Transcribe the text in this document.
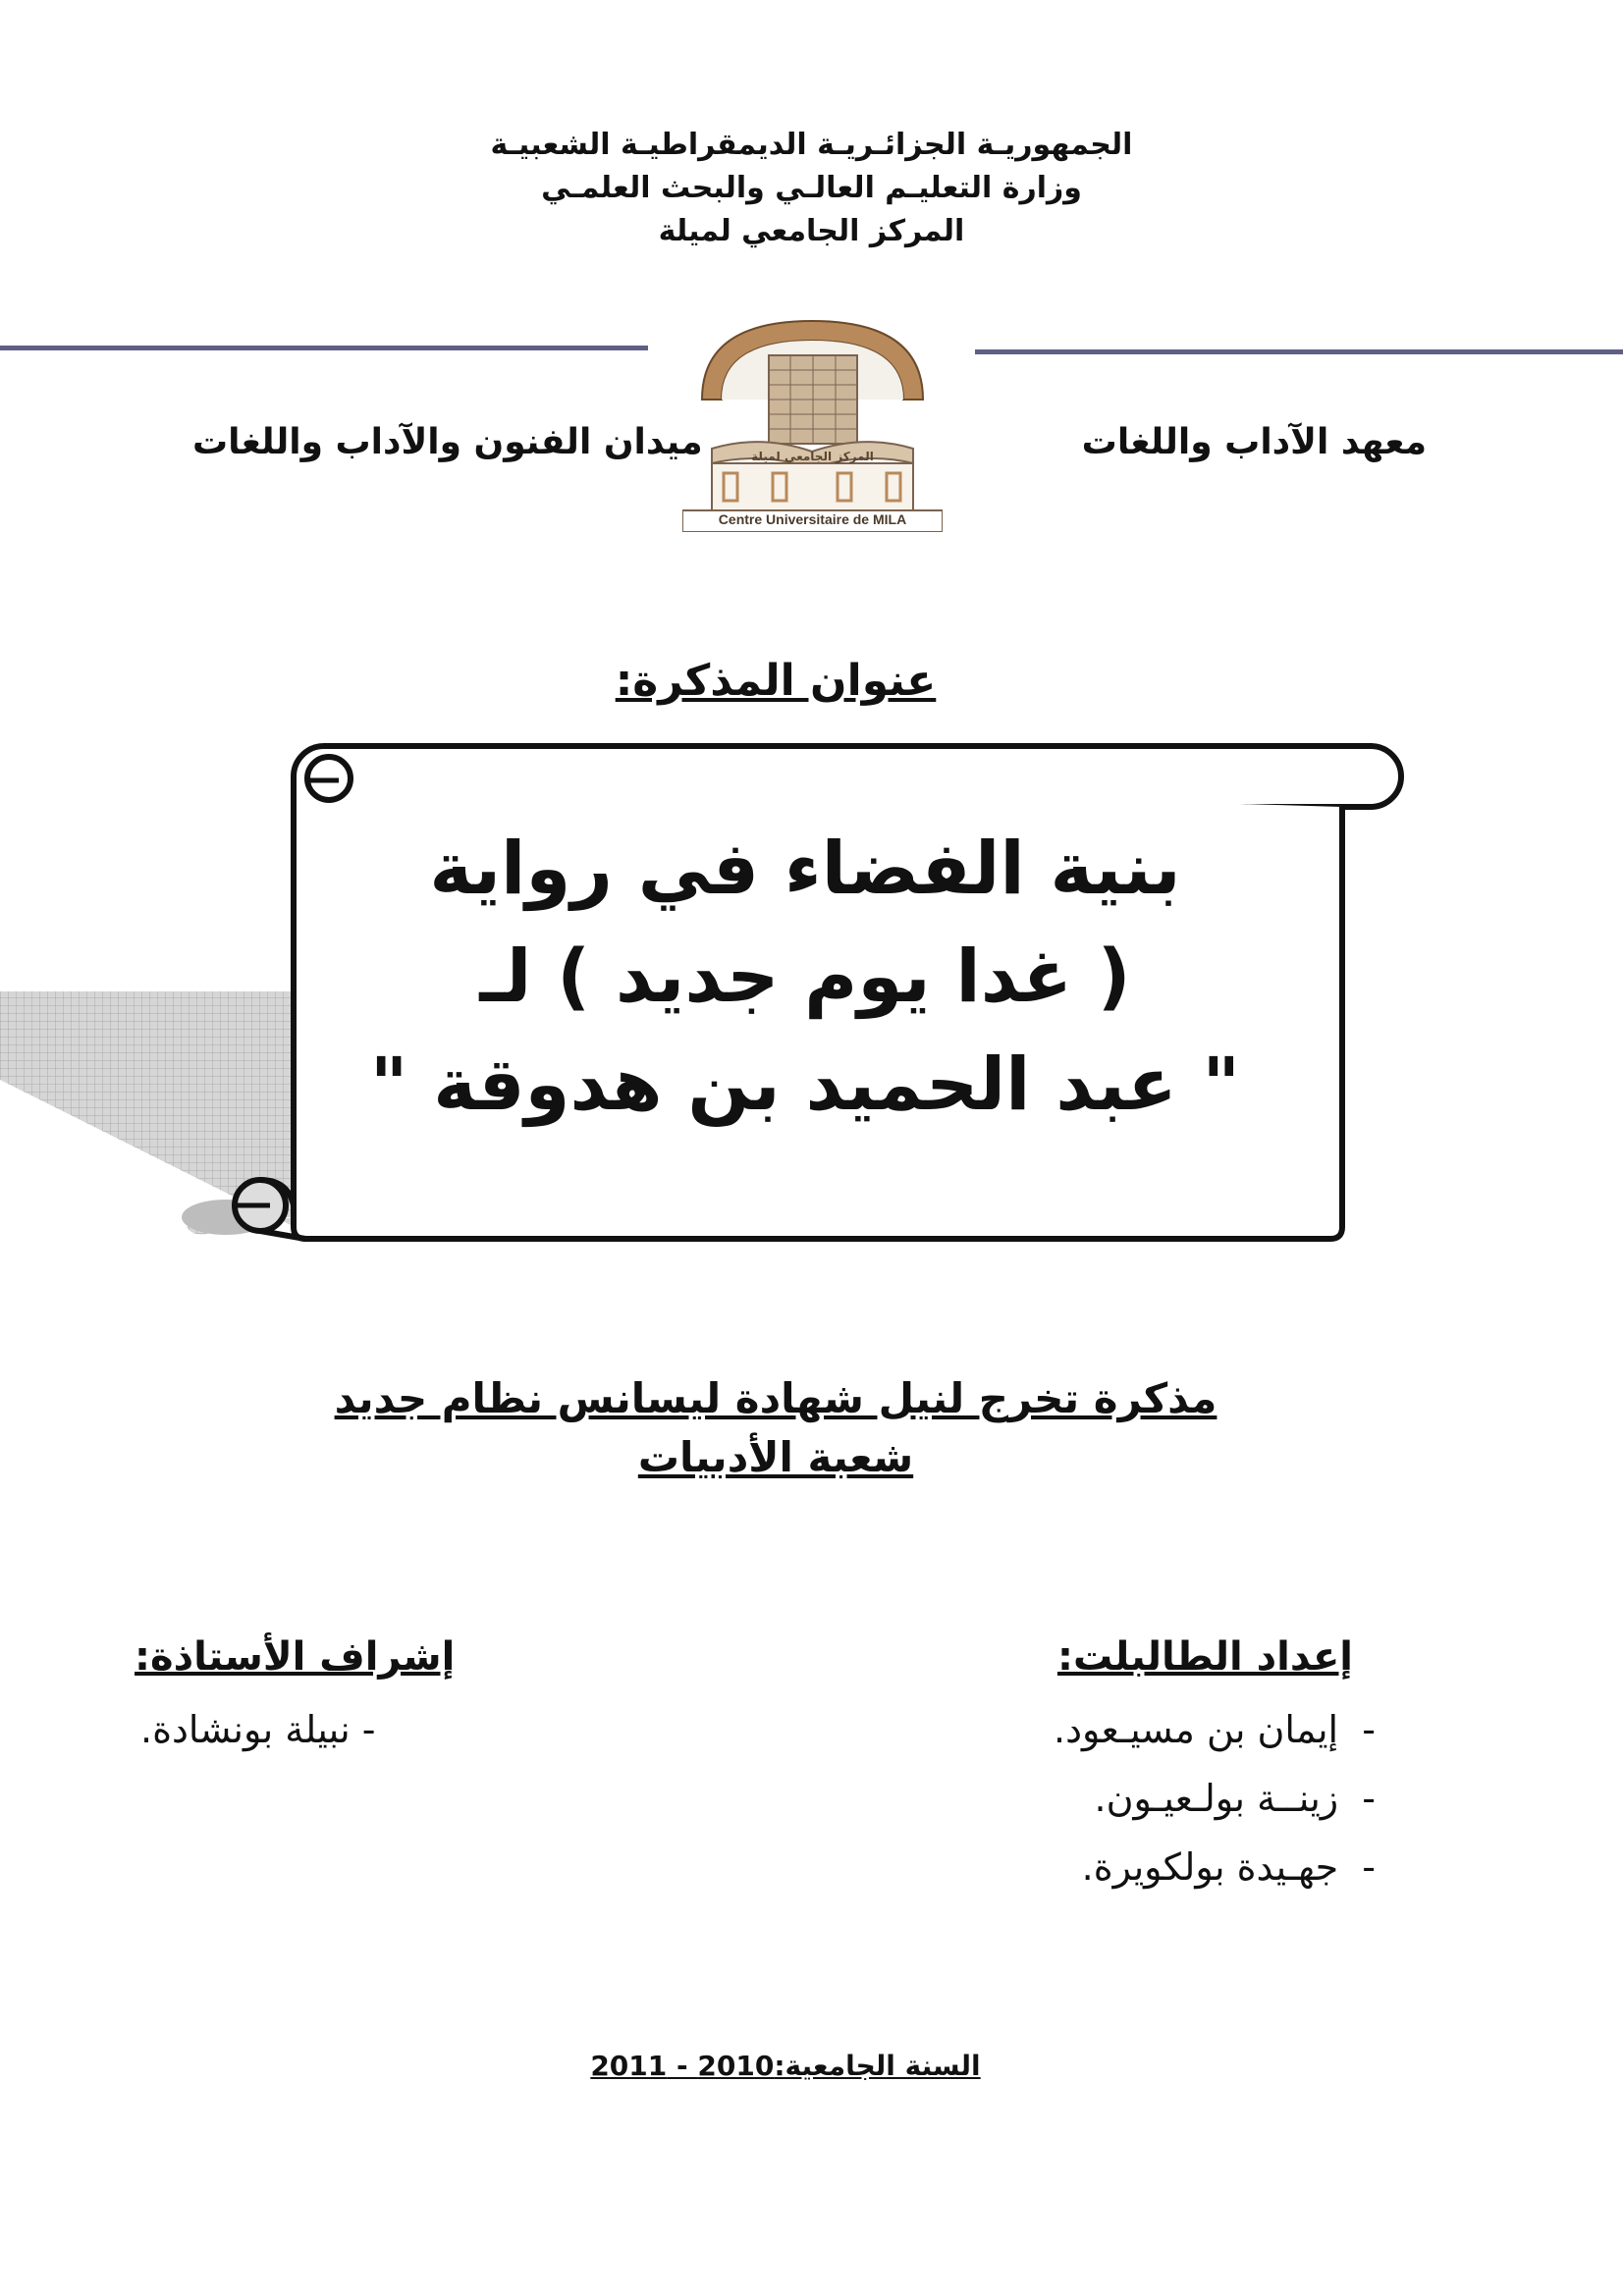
الجمهوريـة الجزائـريـة الديمقراطيـة الشعبيـة
وزارة التعليـم العالـي والبحث العلمـي
المركز الجامعي لميلة
Centre Universitaire de MILA
المركز الجامعي لميلة	معهد الآداب واللغات
ميدان الفنون والآداب واللغات
عنوان المذكرة:
بنية الفضاء في رواية
( غدا يوم جديد ) لـ
" عبد الحميد بن هدوقة "
مذكرة تخرج لنيل شهادة ليسانس نظام جديد
شعبة الأدبيات
إعداد الطالبلت:
-  إيمان بن مسيـعود.
-  زينــة بولـعيـون.
-  جهـيدة بولكويرة.
إشراف الأستاذة:
- نبيلة بونشادة.
السنة الجامعية:2010 - 2011
